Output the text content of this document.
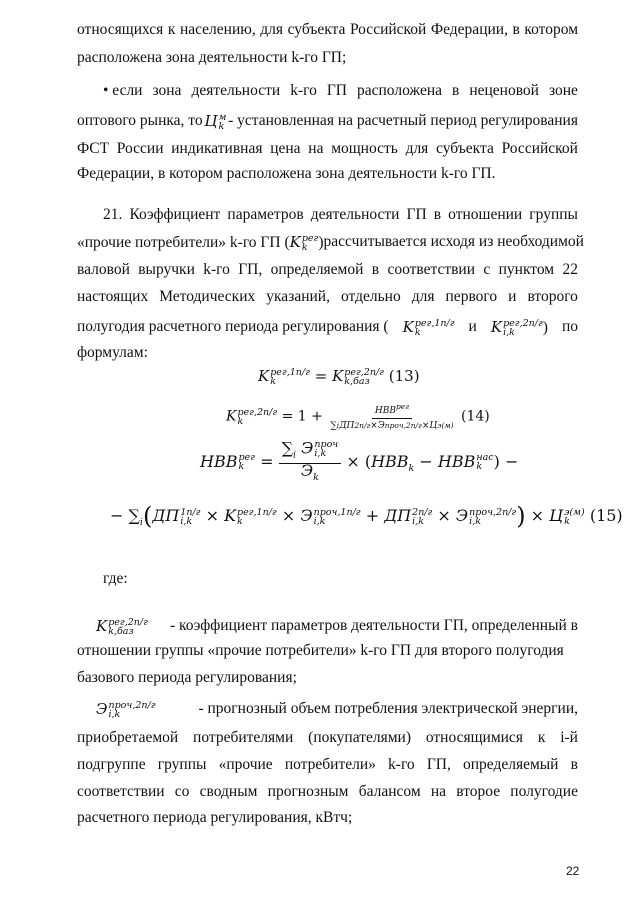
относящихся к населению, для субъекта Российской Федерации, в котором
расположена зона деятельности k-го ГП;
• если зона деятельности k-го ГП расположена в неценовой зоне
оптового рынка, то Ц м
k - установленная на расчетный период регулирования
ФСТ России индикативная цена на мощность для субъекта Российской
Федерации, в котором расположена зона деятельности k-го ГП.
21. Коэффициент параметров деятельности ГП в отношении группы
«прочие потребители» k-го ГП (K рег
k ) рассчитывается исходя из необходимой
валовой выручки k-го ГП, определяемой в соответствии с пунктом 22
настоящих Методических указаний, отдельно для первого и второго
полугодия расчетного периода регулирования ( K рег,1п/г
k	и K рег,2п/г
i,k	) по
формулам:
K рег,1п/г
k	= K рег,2п/г
k,баз	(13)
K рег,2п/г
k	= $1 + \frac{НВВ^{рег}}{\text{∑iДП2п/г×Эпроч,2п/г×Цэ(м)}} (14)$
НВВ рег
$k = \sum_i$ Э проч
i,k
$Э_k \times (НВВ_k$ − НВВ нас
k ) −
− $\sum_i(ДП$ 1п/г
i,k × K рег,1п/г
k	× Э проч,1п/г
i,k	+ ДП 2п/г
i,k × Э проч,2п/г
i,k	) × Ц э(м)
k	(15)
где:
K рег,2п/г
k,баз	- коэффициент параметров деятельности ГП, определенный в
отношении группы «прочие потребители» k-го ГП для второго полугодия
базового периода регулирования;
Э проч,2п/г
i,k	- прогнозный объем потребления электрической энергии,
приобретаемой потребителями (покупателями) относящимися к i-й
подгруппе группы «прочие потребители» k-го ГП, определяемый в
соответствии со сводным прогнозным балансом на второе полугодие
расчетного периода регулирования, кВтч;
22
